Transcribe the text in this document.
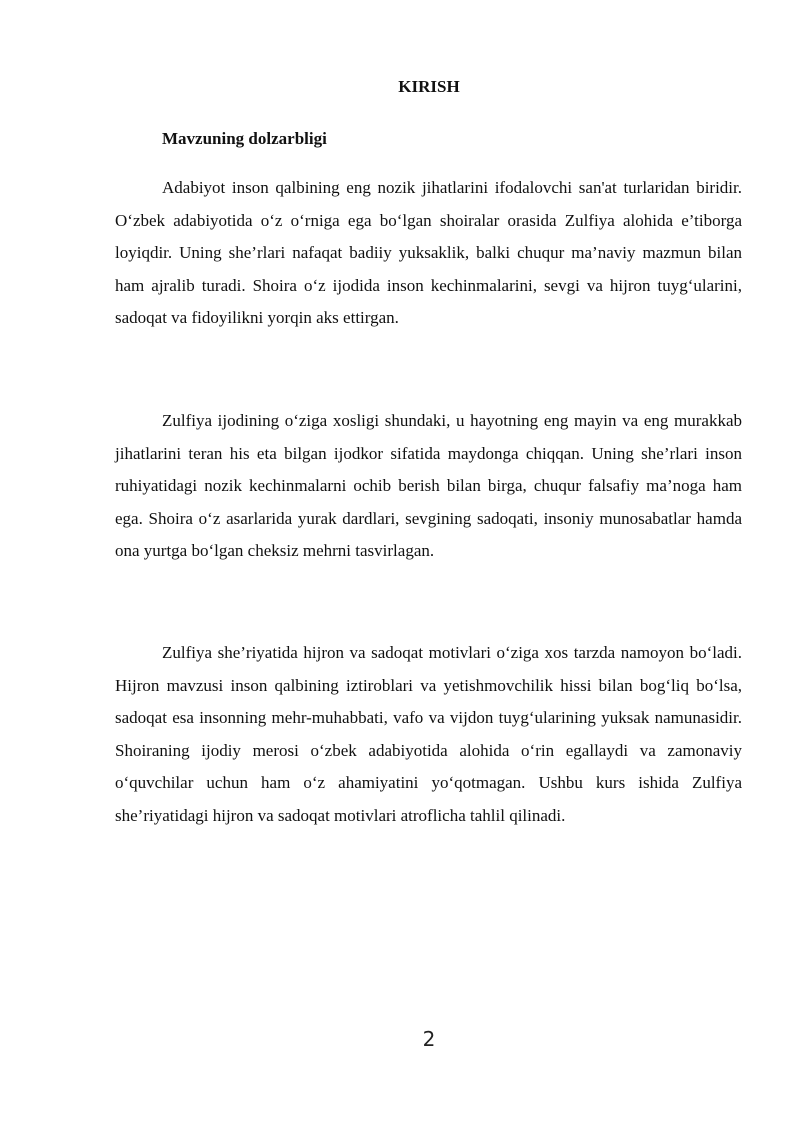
KIRISH
Mavzuning dolzarbligi

Adabiyot inson qalbining eng nozik jihatlarini ifodalovchi san'at turlaridan biridir. O‘zbek adabiyotida o‘z o‘rniga ega bo‘lgan shoiralar orasida Zulfiya alohida e’tiborga loyiqdir. Uning she’rlari nafaqat badiiy yuksaklik, balki chuqur ma’naviy mazmun bilan ham ajralib turadi. Shoira o‘z ijodida inson kechinmalarini, sevgi va hijron tuyg‘ularini, sadoqat va fidoyilikni yorqin aks ettirgan.

Zulfiya ijodining o‘ziga xosligi shundaki, u hayotning eng mayin va eng murakkab jihatlarini teran his eta bilgan ijodkor sifatida maydonga chiqqan. Uning she’rlari inson ruhiyatidagi nozik kechinmalarni ochib berish bilan birga, chuqur falsafiy ma’noga ham ega. Shoira o‘z asarlarida yurak dardlari, sevgining sadoqati, insoniy munosabatlar hamda ona yurtga bo‘lgan cheksiz mehrni tasvirlagan.

Zulfiya she’riyatida hijron va sadoqat motivlari o‘ziga xos tarzda namoyon bo‘ladi. Hijron mavzusi inson qalbining iztiroblari va yetishmovchilik hissi bilan bog‘liq bo‘lsa, sadoqat esa insonning mehr-muhabbati, vafo va vijdon tuyg‘ularining yuksak namunasidir. Shoiraning ijodiy merosi o‘zbek adabiyotida alohida o‘rin egallaydi va zamonaviy o‘quvchilar uchun ham o‘z ahamiyatini yo‘qotmagan. Ushbu kurs ishida Zulfiya she’riyatidagi hijron va sadoqat motivlari atroflicha tahlil qilinadi.

2
